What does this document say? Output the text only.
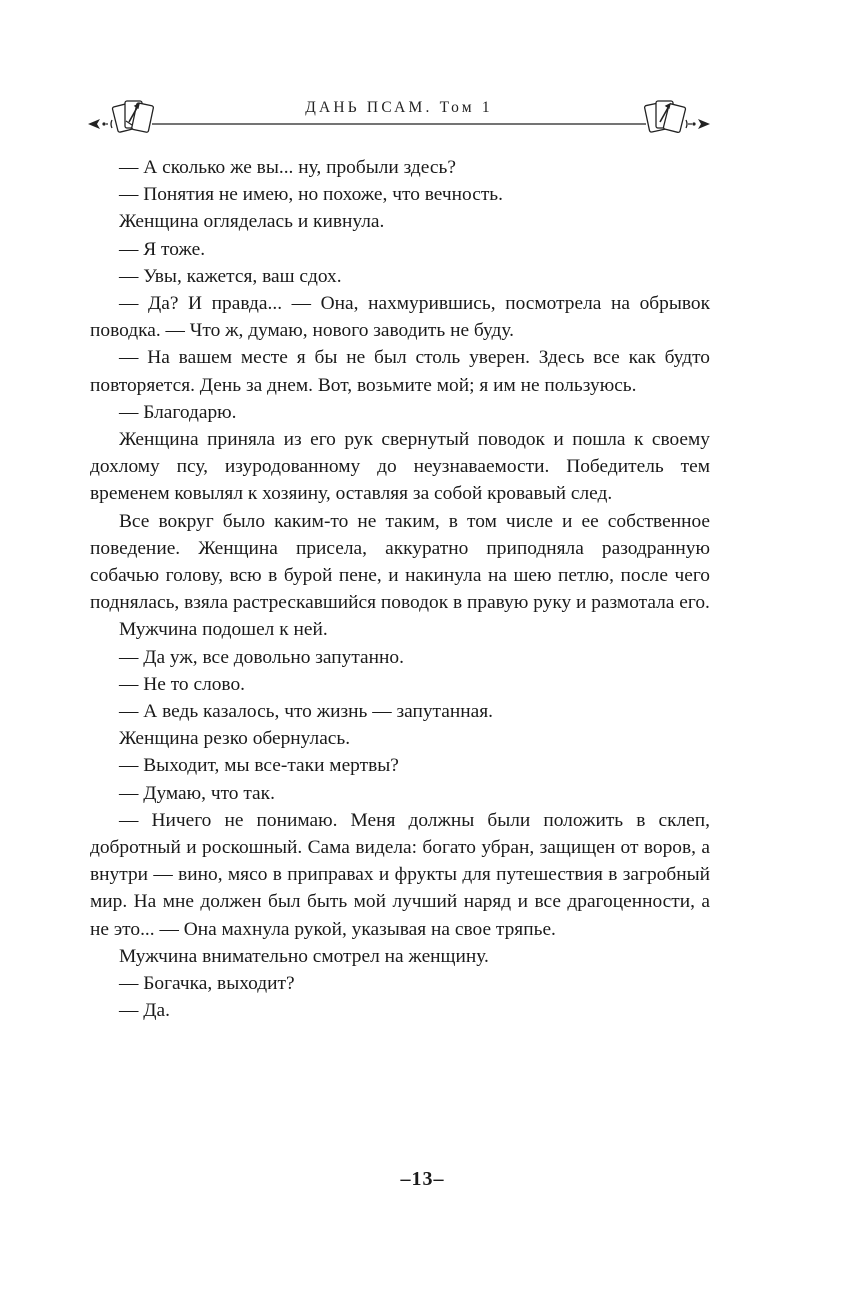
ДАНЬ ПСАМ. Том 1

— А сколько же вы... ну, пробыли здесь?

— Понятия не имею, но похоже, что вечность.

Женщина огляделась и кивнула.

— Я тоже.

— Увы, кажется, ваш сдох.

— Да? И правда... — Она, нахмурившись, посмотрела на обрывок поводка. — Что ж, думаю, нового заводить не буду.

— На вашем месте я бы не был столь уверен. Здесь все как будто повторяется. День за днем. Вот, возьмите мой; я им не пользуюсь.

— Благодарю.

Женщина приняла из его рук свернутый поводок и пошла к своему дохлому псу, изуродованному до неузнаваемости. Победитель тем временем ковылял к хозяину, оставляя за собой кровавый след.

Все вокруг было каким-то не таким, в том числе и ее собственное поведение. Женщина присела, аккуратно приподняла разодранную собачью голову, всю в бурой пене, и накинула на шею петлю, после чего поднялась, взяла растрескавшийся поводок в правую руку и размотала его.

Мужчина подошел к ней.

— Да уж, все довольно запутанно.

— Не то слово.

— А ведь казалось, что жизнь — запутанная.

Женщина резко обернулась.

— Выходит, мы все-таки мертвы?

— Думаю, что так.

— Ничего не понимаю. Меня должны были положить в склеп, добротный и роскошный. Сама видела: богато убран, защищен от воров, а внутри — вино, мясо в приправах и фрукты для путешествия в загробный мир. На мне должен был быть мой лучший наряд и все драгоценности, а не это... — Она махнула рукой, указывая на свое тряпье.

Мужчина внимательно смотрел на женщину.

— Богачка, выходит?

— Да.

–13–
